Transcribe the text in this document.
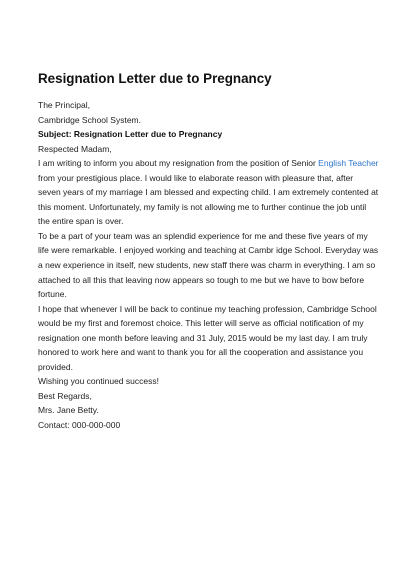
Resignation Letter due to Pregnancy
The Principal,
Cambridge School System.
Subject: Resignation Letter due to Pregnancy
Respected Madam,
I am writing to inform you about my resignation from the position of Senior English Teacher
from your prestigious place. I would like to elaborate reason with pleasure that, after
seven years of my marriage I am blessed and expecting child. I am extremely contented at
this moment. Unfortunately, my family is not allowing me to further continue the job until
the entire span is over.
To be a part of your team was an splendid experience for me and these five years of my
life were remarkable. I enjoyed working and teaching at Cambr idge School. Everyday was
a new experience in itself, new students, new staff there was charm in everything. I am so
attached to all this that leaving now appears so tough to me but we have to bow before
fortune.
I hope that whenever I will be back to continue my teaching profession, Cambridge School
would be my first and foremost choice. This letter will serve as official notification of my
resignation one month before leaving and 31 July, 2015 would be my last day. I am truly
honored to work here and want to thank you for all the cooperation and assistance you
provided.
Wishing you continued success!
Best Regards,
Mrs. Jane Betty.
Contact: 000-000-000
